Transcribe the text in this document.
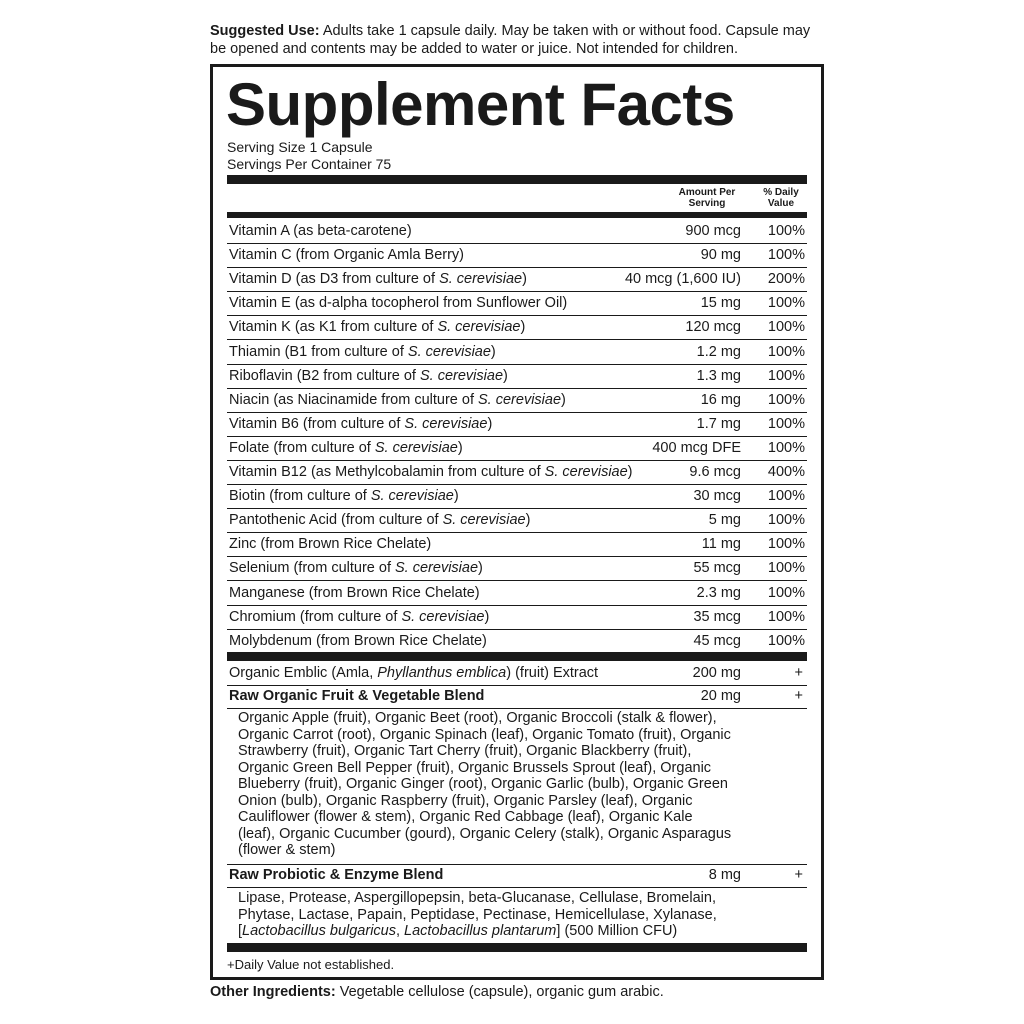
Suggested Use: Adults take 1 capsule daily. May be taken with or without food. Capsule may be opened and contents may be added to water or juice. Not intended for children.
Supplement Facts
Serving Size 1 Capsule
Servings Per Container 75
Amount Per Serving
% Daily Value
Vitamin A (as beta-carotene)	900 mcg 100%
Vitamin C (from Organic Amla Berry)	90 mg 100%
Vitamin D (as D3 from culture of S. cerevisiae)	40 mcg (1,600 IU) 200%
Vitamin E (as d-alpha tocopherol from Sunflower Oil)	15 mg 100%
Vitamin K (as K1 from culture of S. cerevisiae)	120 mcg 100%
Thiamin (B1 from culture of S. cerevisiae)	1.2 mg 100%
Riboflavin (B2 from culture of S. cerevisiae)	1.3 mg 100%
Niacin (as Niacinamide from culture of S. cerevisiae)	16 mg 100%
Vitamin B6 (from culture of S. cerevisiae)	1.7 mg 100%
Folate (from culture of S. cerevisiae)	400 mcg DFE 100%
Vitamin B12 (as Methylcobalamin from culture of S. cerevisiae)	9.6 mcg 400%
Biotin (from culture of S. cerevisiae)	30 mcg 100%
Pantothenic Acid (from culture of S. cerevisiae)	5 mg 100%
Zinc (from Brown Rice Chelate)	11 mg 100%
Selenium (from culture of S. cerevisiae)	55 mcg 100%
Manganese (from Brown Rice Chelate)	2.3 mg 100%
Chromium (from culture of S. cerevisiae)	35 mcg 100%
Molybdenum (from Brown Rice Chelate)	45 mcg 100%
Organic Emblic (Amla, Phyllanthus emblica) (fruit) Extract	200 mg	+
Raw Organic Fruit & Vegetable Blend	20 mg	+
Organic Apple (fruit), Organic Beet (root), Organic Broccoli (stalk & flower),
Organic Carrot (root), Organic Spinach (leaf), Organic Tomato (fruit), Organic
Strawberry (fruit), Organic Tart Cherry (fruit), Organic Blackberry (fruit),
Organic Green Bell Pepper (fruit), Organic Brussels Sprout (leaf), Organic
Blueberry (fruit), Organic Ginger (root), Organic Garlic (bulb), Organic Green
Onion (bulb), Organic Raspberry (fruit), Organic Parsley (leaf), Organic
Cauliflower (flower & stem), Organic Red Cabbage (leaf), Organic Kale
(leaf), Organic Cucumber (gourd), Organic Celery (stalk), Organic Asparagus
(flower & stem)
Raw Probiotic & Enzyme Blend	8 mg	+
Lipase, Protease, Aspergillopepsin, beta-Glucanase, Cellulase, Bromelain,
Phytase, Lactase, Papain, Peptidase, Pectinase, Hemicellulase, Xylanase,
[Lactobacillus bulgaricus, Lactobacillus plantarum] (500 Million CFU)
+Daily Value not established.
Other Ingredients: Vegetable cellulose (capsule), organic gum arabic.
